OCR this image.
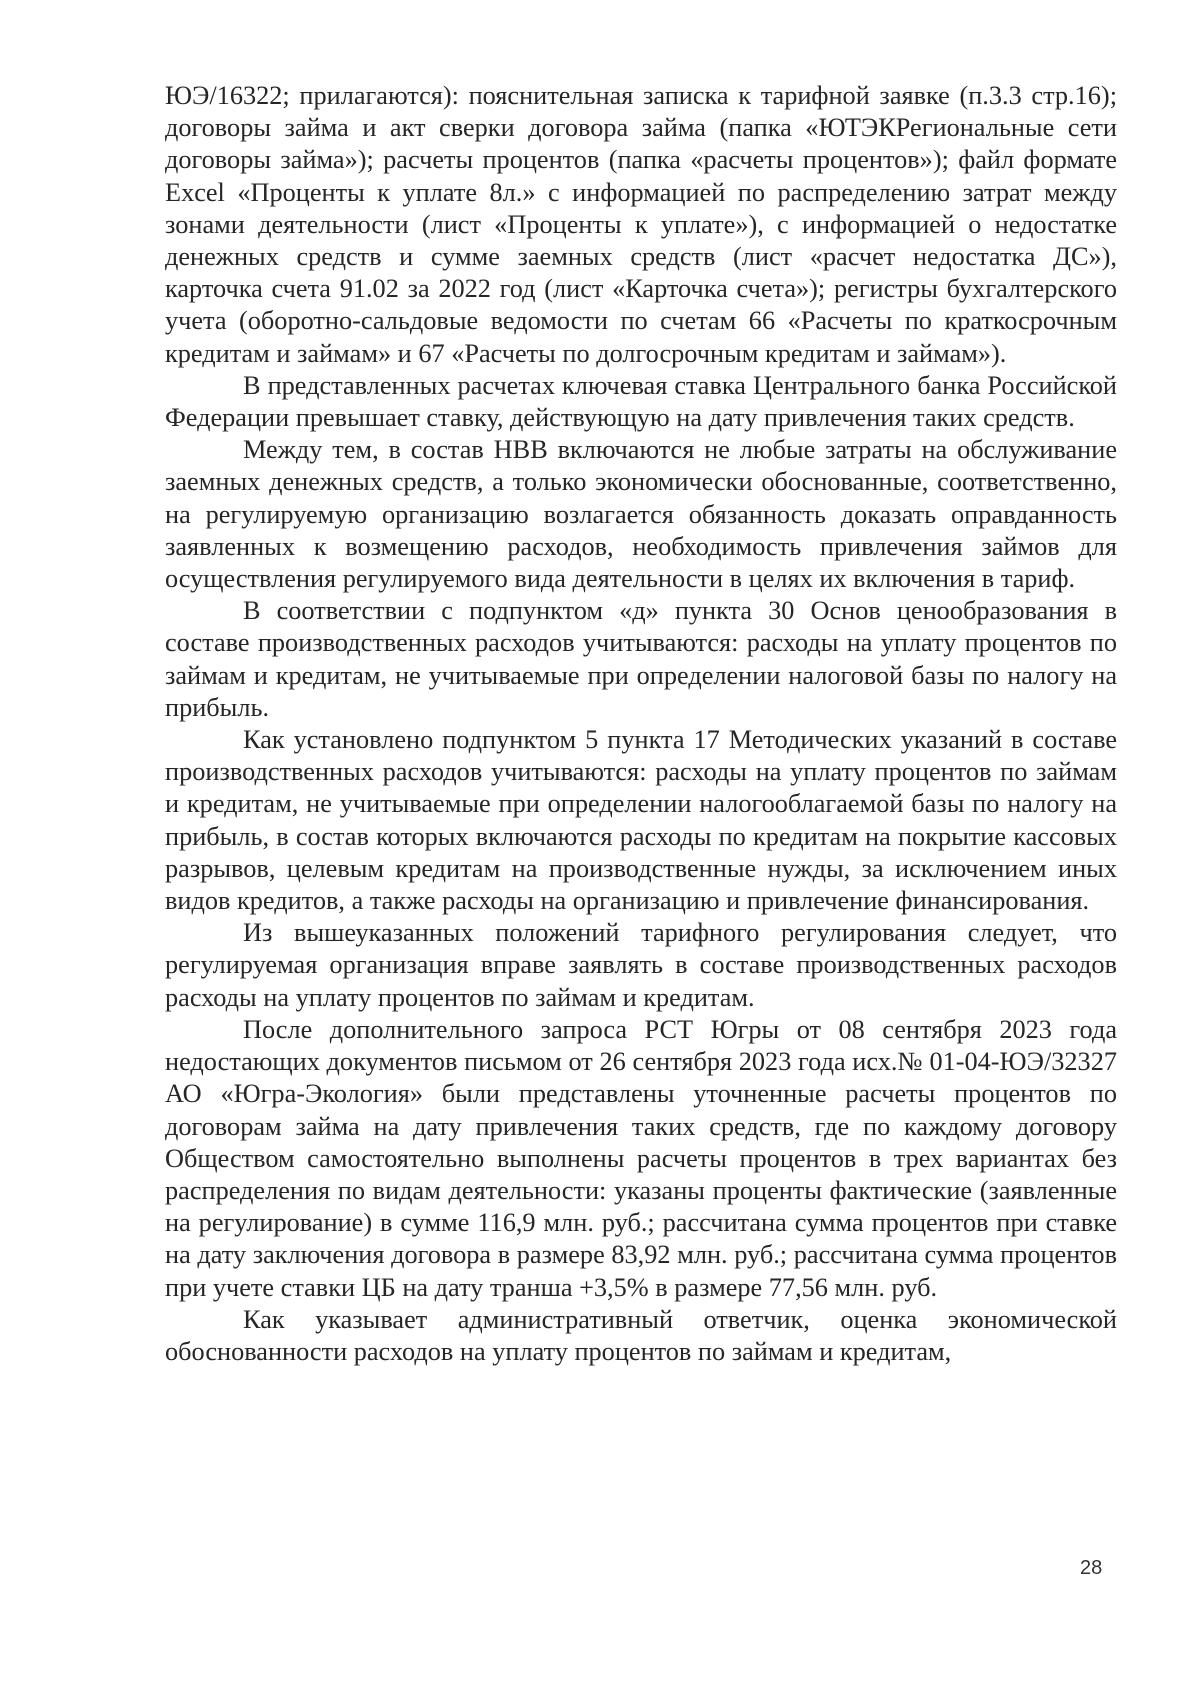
ЮЭ/16322; прилагаются): пояснительная записка к тарифной заявке (п.3.3 стр.16); договоры займа и акт сверки договора займа (папка «ЮТЭКРегиональные сети договоры займа»); расчеты процентов (папка «расчеты процентов»); файл формате Excel «Проценты к уплате 8л.» с информацией по распределению затрат между зонами деятельности (лист «Проценты к уплате»), с информацией о недостатке денежных средств и сумме заемных средств (лист «расчет недостатка ДС»), карточка счета 91.02 за 2022 год (лист «Карточка счета»); регистры бухгалтерского учета (оборотно-сальдовые ведомости по счетам 66 «Расчеты по краткосрочным кредитам и займам» и 67 «Расчеты по долгосрочным кредитам и займам»).

В представленных расчетах ключевая ставка Центрального банка Российской Федерации превышает ставку, действующую на дату привлечения таких средств.

Между тем, в состав НВВ включаются не любые затраты на обслуживание заемных денежных средств, а только экономически обоснованные, соответственно, на регулируемую организацию возлагается обязанность доказать оправданность заявленных к возмещению расходов, необходимость привлечения займов для осуществления регулируемого вида деятельности в целях их включения в тариф.

В соответствии с подпунктом «д» пункта 30 Основ ценообразования в составе производственных расходов учитываются: расходы на уплату процентов по займам и кредитам, не учитываемые при определении налоговой базы по налогу на прибыль.

Как установлено подпунктом 5 пункта 17 Методических указаний в составе производственных расходов учитываются: расходы на уплату процентов по займам и кредитам, не учитываемые при определении налогооблагаемой базы по налогу на прибыль, в состав которых включаются расходы по кредитам на покрытие кассовых разрывов, целевым кредитам на производственные нужды, за исключением иных видов кредитов, а также расходы на организацию и привлечение финансирования.

Из вышеуказанных положений тарифного регулирования следует, что регулируемая организация вправе заявлять в составе производственных расходов расходы на уплату процентов по займам и кредитам.

После дополнительного запроса РСТ Югры от 08 сентября 2023 года недостающих документов письмом от 26 сентября 2023 года исх.№ 01-04-ЮЭ/32327 АО «Югра-Экология» были представлены уточненные расчеты процентов по договорам займа на дату привлечения таких средств, где по каждому договору Обществом самостоятельно выполнены расчеты процентов в трех вариантах без распределения по видам деятельности: указаны проценты фактические (заявленные на регулирование) в сумме 116,9 млн. руб.; рассчитана сумма процентов при ставке на дату заключения договора в размере 83,92 млн. руб.; рассчитана сумма процентов при учете ставки ЦБ на дату транша +3,5% в размере 77,56 млн. руб.

Как указывает административный ответчик, оценка экономической обоснованности расходов на уплату процентов по займам и кредитам,

28
